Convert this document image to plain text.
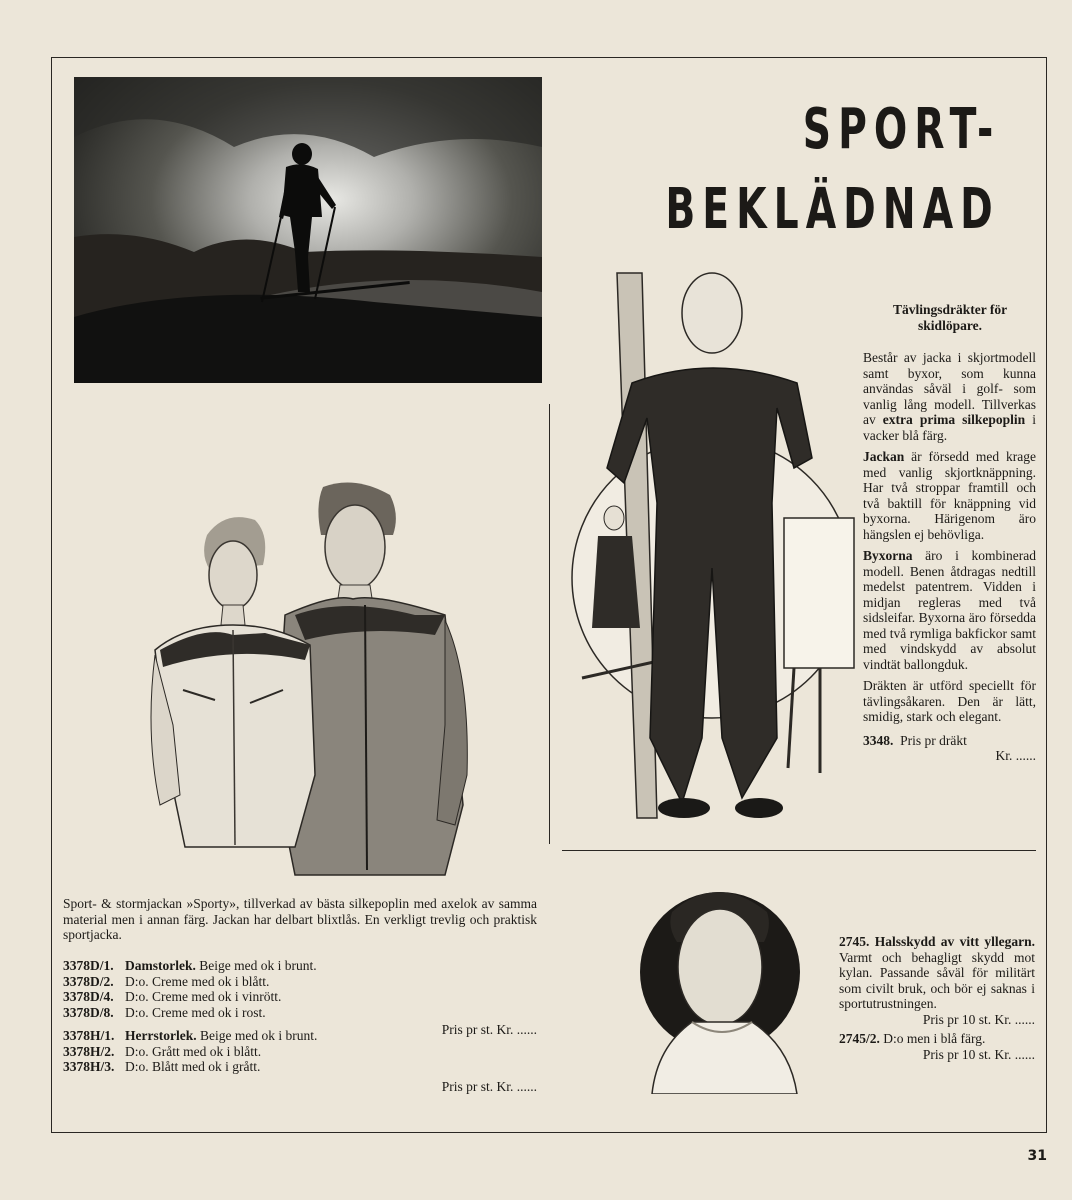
SPORT-
BEKLÄDNAD
Sport- & stormjackan »Sporty», tillverkad av bästa silkepoplin med axelok av samma material men i annan färg. Jackan har delbart blixtlås. En verkligt trevlig och praktisk sportjacka.
3378D/1. Damstorlek.
Beige med ok i brunt.
3378D/2. D:o. Creme med ok i blått.
3378D/4. D:o. Creme med ok i vinrött.
3378D/8. D:o. Creme med ok i rost.
Pris pr st. Kr. ......
3378H/1. Herrstorlek.
Beige med ok i brunt.
3378H/2. D:o. Grått med ok i blått.
3378H/3. D:o. Blått med ok i grått.
Pris pr st. Kr. ......
Tävlingsdräkter för skidlöpare.

Består av jacka i skjortmodell samt byxor, som kunna användas såväl i golf- som vanlig lång modell. Tillverkas av extra prima silkepoplin i vacker blå färg.

Jackan är försedd med krage med vanlig skjortknäppning. Har två stroppar framtill och två baktill för knäppning vid byxorna. Härigenom äro hängslen ej behövliga.

Byxorna äro i kombinerad modell. Benen åtdragas nedtill medelst patentrem. Vidden i midjan regleras med två sidsleifar. Byxorna äro försedda med två rymliga bakfickor samt med vindskydd av absolut vindtät ballongduk.

Dräkten är utförd speciellt för tävlingsåkaren. Den är lätt, smidig, stark och elegant.

3348. Pris pr dräkt

Kr. ......

2745. Halsskydd av vitt yllegarn. Varmt och behagligt skydd mot kylan. Passande såväl för militärt som civilt bruk, och bör ej saknas i sportutrustningen.

Pris pr 10 st. Kr. ......

2745/2. D:o men i blå färg.

Pris pr 10 st. Kr. ......

31
